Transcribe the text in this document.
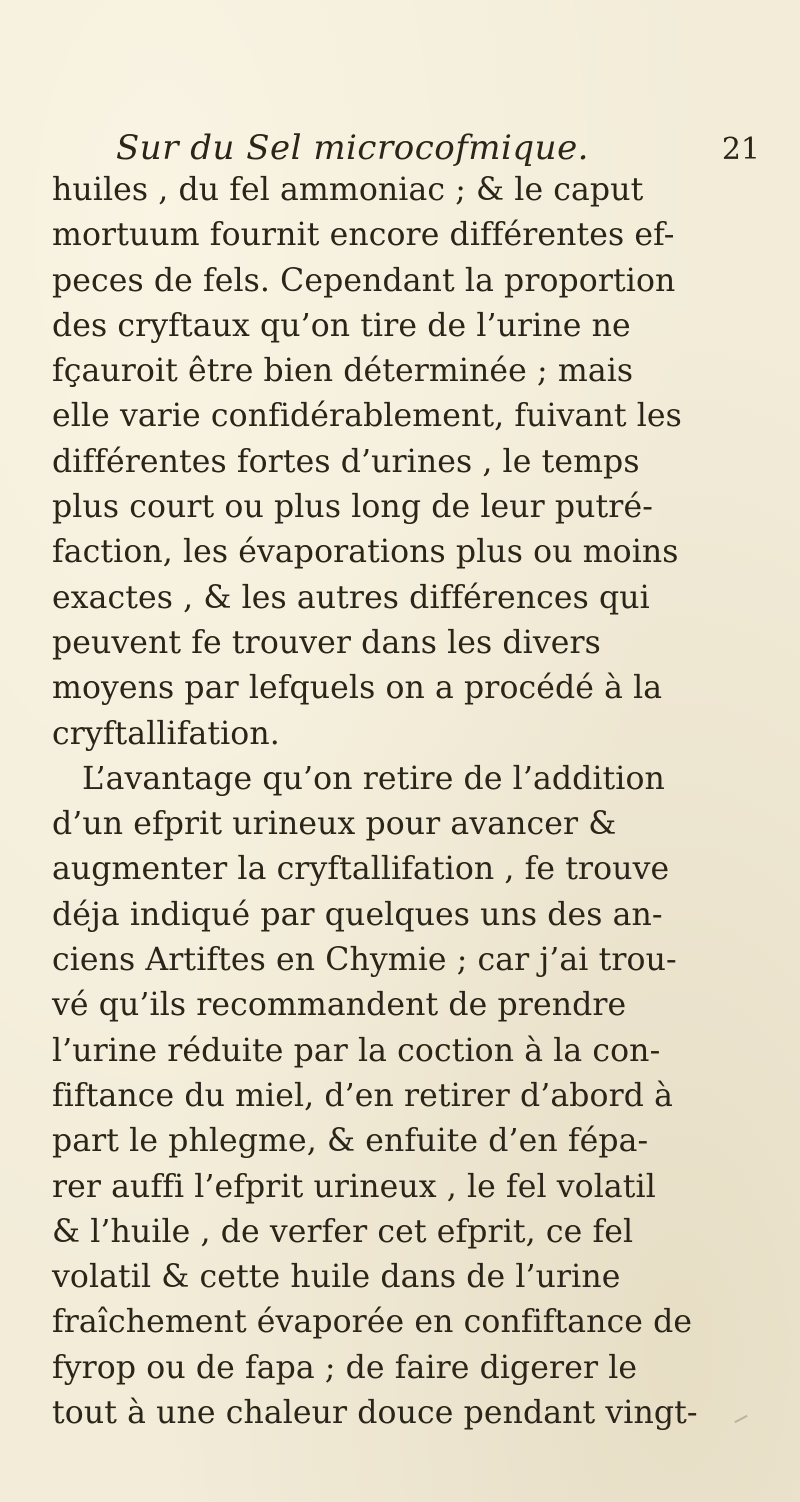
Sur du Sel microcofmique.	21
huiles , du fel ammoniac ; & le caput
mortuum fournit encore différentes ef-
peces de fels. Cependant la proportion
des cryftaux qu’on tire de l’urine ne
fçauroit être bien déterminée ; mais
elle varie confidérablement, fuivant les
différentes fortes d’urines , le temps
plus court ou plus long de leur putré-
faction, les évaporations plus ou moins
exactes , & les autres différences qui
peuvent fe trouver dans les divers
moyens par lefquels on a procédé à la
cryftallifation.
L’avantage qu’on retire de l’addition
d’un efprit urineux pour avancer &
augmenter la cryftallifation , fe trouve
déja indiqué par quelques uns des an-
ciens Artiftes en Chymie ; car j’ai trou-
vé qu’ils recommandent de prendre
l’urine réduite par la coction à la con-
fiftance du miel, d’en retirer d’abord à
part le phlegme, & enfuite d’en fépa-
rer auffi l’efprit urineux , le fel volatil
& l’huile , de verfer cet efprit, ce fel
volatil & cette huile dans de l’urine
fraîchement évaporée en confiftance de
fyrop ou de fapa ; de faire digerer le
tout à une chaleur douce pendant vingt-
